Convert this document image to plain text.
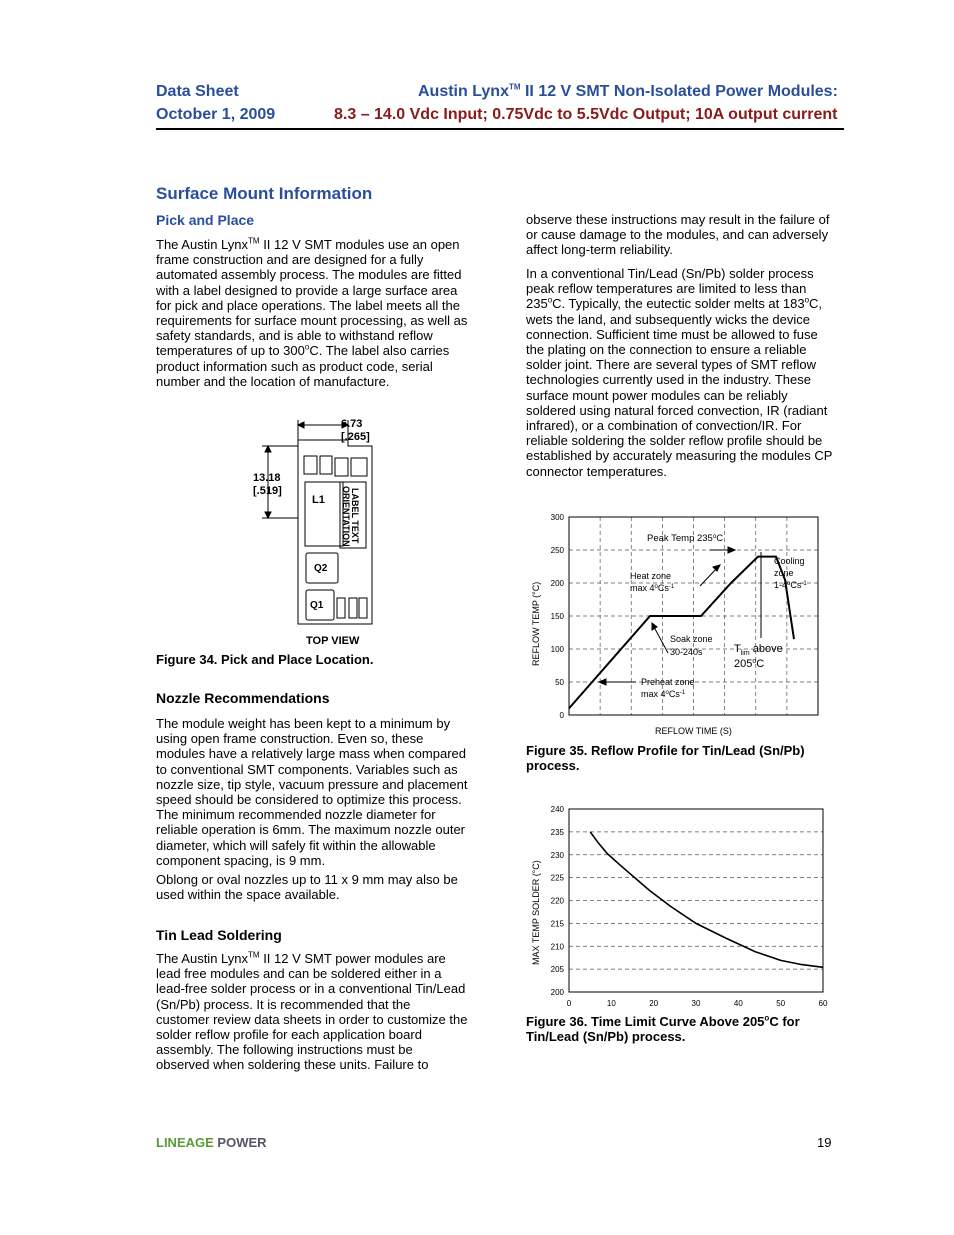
Data Sheet
October 1, 2009
Austin Lynx™ II 12 V SMT Non-Isolated Power Modules:
8.3 – 14.0 Vdc Input; 0.75Vdc to 5.5Vdc Output; 10A output current
Surface Mount Information
Pick and Place
The Austin Lynx™ II 12 V SMT modules use an open
frame construction and are designed for a fully
automated assembly process. The modules are fitted
with a label designed to provide a large surface area
for pick and place operations. The label meets all the
requirements for surface mount processing, as well as
safety standards, and is able to withstand reflow
temperatures of up to 300$^o$C. The label also carries
product information such as product code, serial
number and the location of manufacture.
6.73
[.265]
13.18
[.519]
L1
Q2
Q1
LABEL TEXT
ORIENTATION
TOP VIEW
Figure 34. Pick and Place Location.
Nozzle Recommendations
The module weight has been kept to a minimum by
using open frame construction. Even so, these
modules have a relatively large mass when compared
to conventional SMT components. Variables such as
nozzle size, tip style, vacuum pressure and placement
speed should be considered to optimize this process.
The minimum recommended nozzle diameter for
reliable operation is 6mm. The maximum nozzle outer
diameter, which will safely fit within the allowable
component spacing, is 9 mm.
Oblong or oval nozzles up to 11 x 9 mm may also be
used within the space available.
Tin Lead Soldering
The Austin Lynx™ II 12 V SMT power modules are
lead free modules and can be soldered either in a
lead-free solder process or in a conventional Tin/Lead
(Sn/Pb) process. It is recommended that the
customer review data sheets in order to customize the
solder reflow profile for each application board
assembly. The following instructions must be
observed when soldering these units. Failure to
observe these instructions may result in the failure of
or cause damage to the modules, and can adversely
affect long-term reliability.
In a conventional Tin/Lead (Sn/Pb) solder process
peak reflow temperatures are limited to less than
235$^o$C. Typically, the eutectic solder melts at 183$^o$C,
wets the land, and subsequently wicks the device
connection. Sufficient time must be allowed to fuse
the plating on the connection to ensure a reliable
solder joint. There are several types of SMT reflow
technologies currently used in the industry. These
surface mount power modules can be reliably
soldered using natural forced convection, IR (radiant
infrared), or a combination of convection/IR. For
reliable soldering the solder reflow profile should be
established by accurately measuring the modules CP
connector temperatures.
0
50
100
150
200
250
300
Peak Temp 235$^o$C
Heat zone
$\max 4^oCs^{-1}$
Cooling
zone
$1-4^oCs^{-1}$
Soak zone
30-240s	$T_{lim}$ above
205$^o$C
Preheat zone
$\max 4^oCs^{-1}$
REFLOW TEMP (°C)
REFLOW TIME (S)
Figure 35. Reflow Profile for Tin/Lead (Sn/Pb)
process.
200
205
210
215
220
225
230
235
240
0	10	20	30	40	50	60
MAX TEMP SOLDER (°C)
Figure 36. Time Limit Curve Above 205$^o$C for
Tin/Lead (Sn/Pb) process.
LINEAGE POWER	19
